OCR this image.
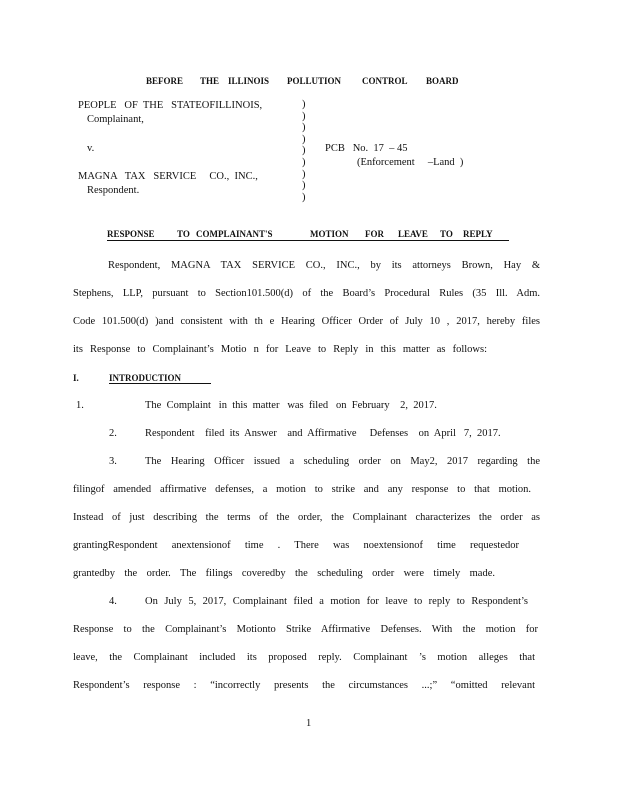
BEFORE THE ILLINOIS POLLUTION CONTROL BOARD
PEOPLE   OF  THE   STATEOFILLINOIS,
Complainant,
v.
MAGNA   TAX   SERVICE     CO.,  INC.,
Respondent.
)
)
)
)
)
)
)
)
)
PCB   No.  17  – 45
(Enforcement     –Land  )
RESPONSE TO COMPLAINANT'S	MOTION FOR LEAVE TO REPLY
Respondent, MAGNA TAX SERVICE CO., INC., by its attorneys Brown, Hay &
Stephens, LLP, pursuant to Section101.500(d) of the Board’s Procedural Rules (35 Ill. Adm.
Code 101.500(d) )and consistent with th e Hearing Officer Order of July 10 , 2017, hereby files
its Response to Complainant’s Motio n for Leave to Reply in this matter as follows:
I.	INTRODUCTION
1.	The  Complaint   in  this  matter   was  filed   on  February    2,  2017.
2.	Respondent    filed  its  Answer    and  Affirmative     Defenses    on  April   7,  2017.
3.	The Hearing Officer issued a scheduling order on May2, 2017 regarding the
filingof amended affirmative defenses, a motion to strike and any response to that motion.
Instead of just describing the terms of the order, the Complainant characterizes the order as
grantingRespondent anextensionof time . There was noextensionof time requestedor
grantedby the order. The filings coveredby the scheduling order were timely made.
4.	On July 5, 2017, Complainant filed a motion for leave to reply to Respondent’s
Response to the Complainant’s Motionto Strike Affirmative Defenses. With the motion for
leave, the Complainant included its proposed reply. Complainant ’s motion alleges that
Respondent’s response : “incorrectly presents the circumstances ...;” “omitted relevant
1
